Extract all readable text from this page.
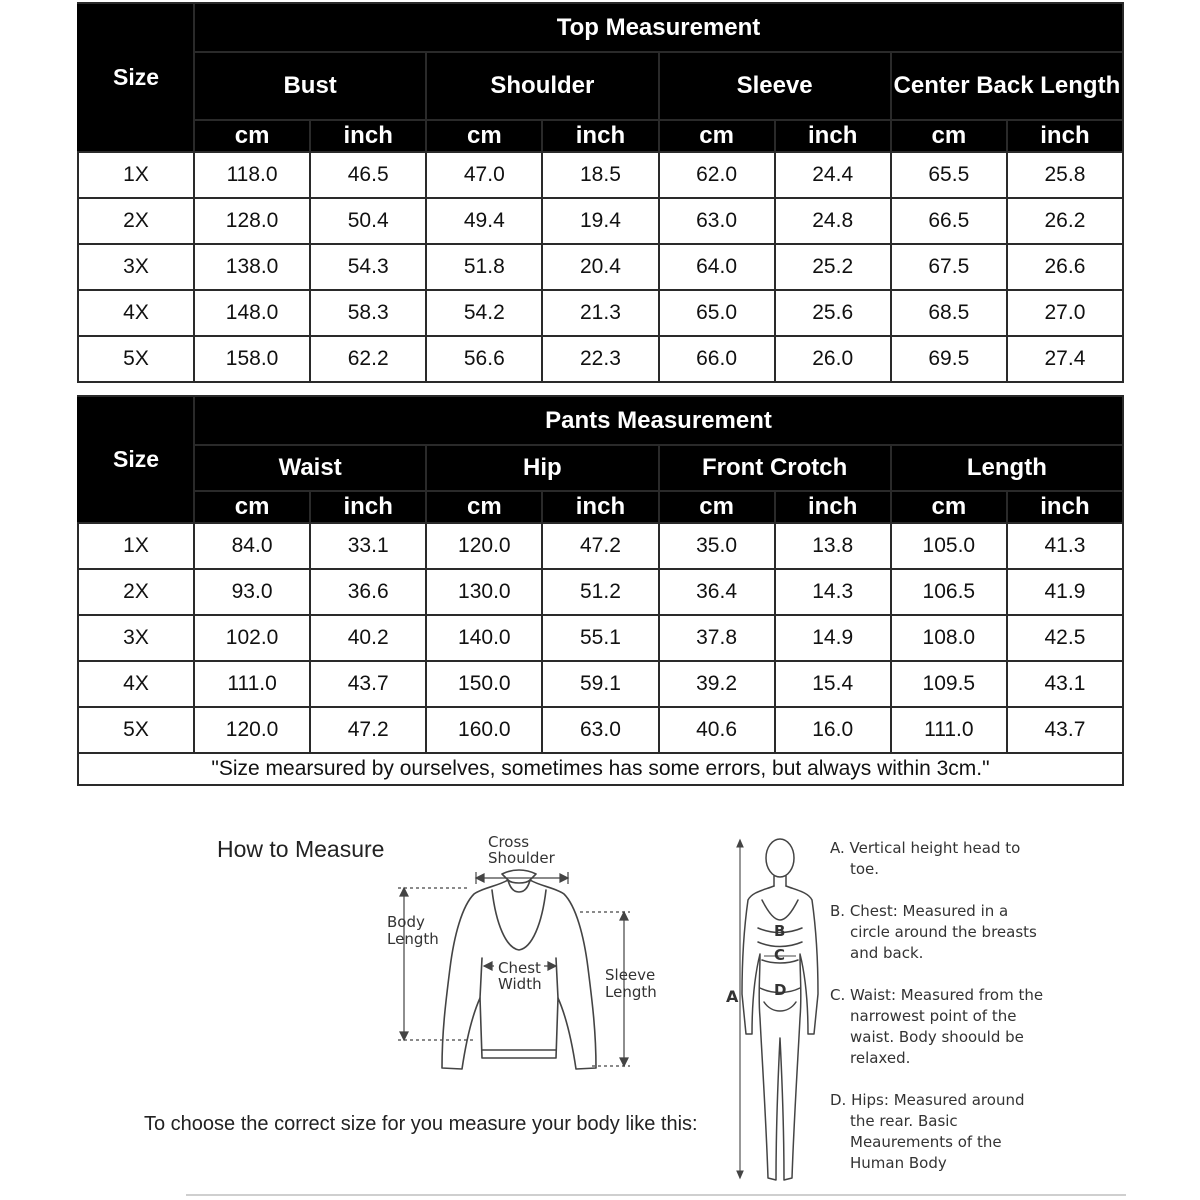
Size	Top Measurement							
	Bust		Shoulder		Sleeve		Center Back Length	
	cm	inch	cm	inch	cm	inch	cm	inch
1X	118.0	46.5	47.0	18.5	62.0	24.4	65.5	25.8
2X	128.0	50.4	49.4	19.4	63.0	24.8	66.5	26.2
3X	138.0	54.3	51.8	20.4	64.0	25.2	67.5	26.6
4X	148.0	58.3	54.2	21.3	65.0	25.6	68.5	27.0
5X	158.0	62.2	56.6	22.3	66.0	26.0	69.5	27.4
Size	Pants Measurement							
	Waist		Hip		Front Crotch		Length	
	cm	inch	cm	inch	cm	inch	cm	inch
1X	84.0	33.1	120.0	47.2	35.0	13.8	105.0	41.3
2X	93.0	36.6	130.0	51.2	36.4	14.3	106.5	41.9
3X	102.0	40.2	140.0	55.1	37.8	14.9	108.0	42.5
4X	111.0	43.7	150.0	59.1	39.2	15.4	109.5	43.1
5X	120.0	47.2	160.0	63.0	40.6	16.0	111.0	43.7
"Size mearsured by ourselves, sometimes has some errors, but always within 3cm."								
How to Measure	Cross
Shoulder
Body
Length
Chest
Width	Sleeve
Length
To choose the correct size for you measure your body like this:
A
B
C
D

A. Vertical height head to toe.

B. Chest: Measured in a circle around the breasts and back.

C. Waist: Measured from the narrowest point of the waist. Body shoould be relaxed.

D. Hips: Measured around the rear. Basic Meaurements of the Human Body
